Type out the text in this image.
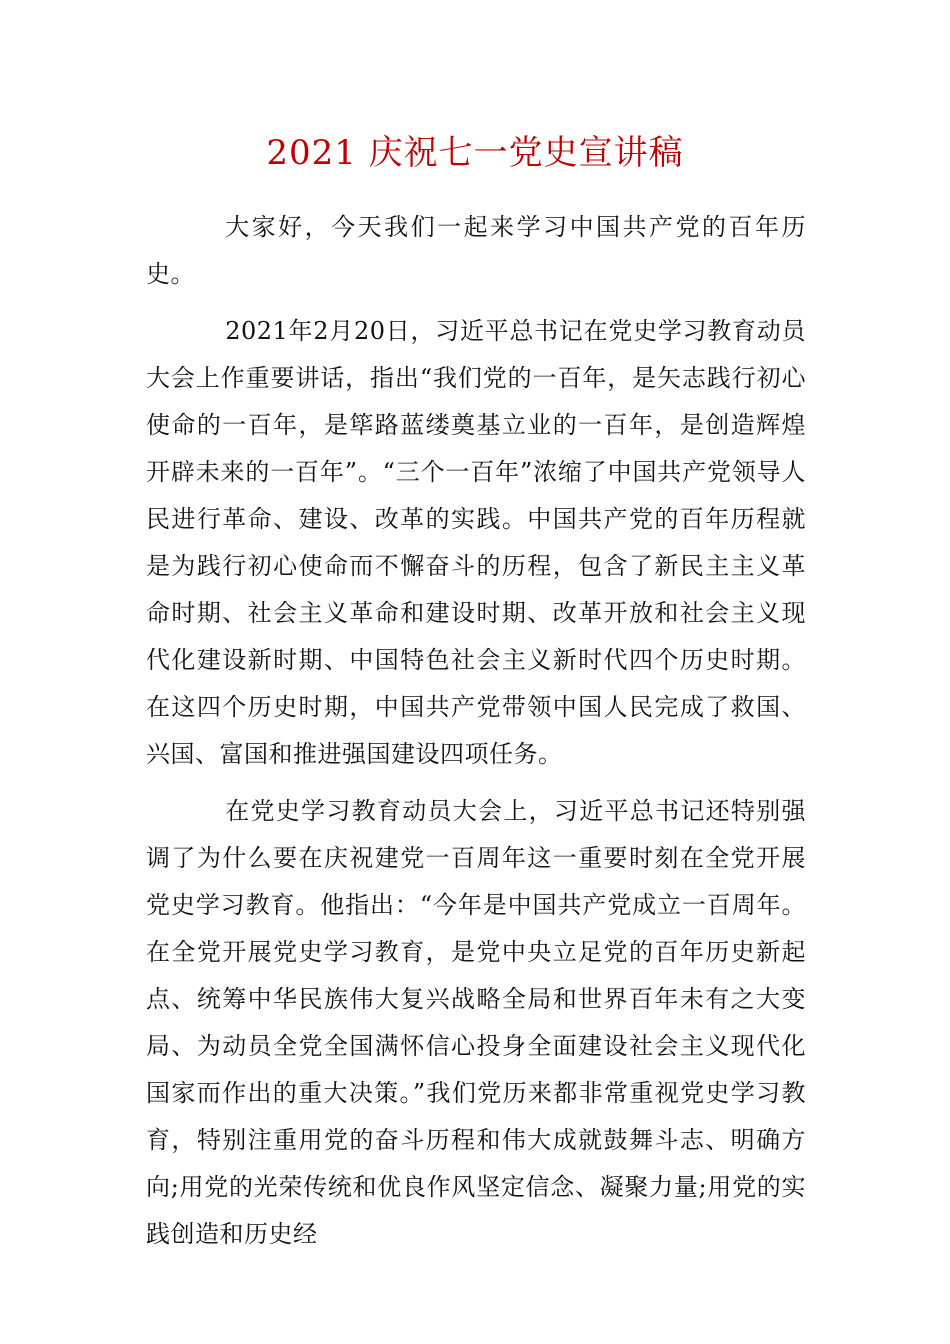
2021 庆祝七一党史宣讲稿

大家好，今天我们一起来学习中国共产党的百年历史。

2021年2月20日，习近平总书记在党史学习教育动员大会上作重要讲话，指出“我们党的一百年，是矢志践行初心使命的一百年，是筚路蓝缕奠基立业的一百年，是创造辉煌开辟未来的一百年”。“三个一百年”浓缩了中国共产党领导人民进行革命、建设、改革的实践。中国共产党的百年历程就是为践行初心使命而不懈奋斗的历程，包含了新民主主义革命时期、社会主义革命和建设时期、改革开放和社会主义现代化建设新时期、中国特色社会主义新时代四个历史时期。在这四个历史时期，中国共产党带领中国人民完成了救国、兴国、富国和推进强国建设四项任务。

在党史学习教育动员大会上，习近平总书记还特别强调了为什么要在庆祝建党一百周年这一重要时刻在全党开展党史学习教育。他指出：“今年是中国共产党成立一百周年。在全党开展党史学习教育，是党中央立足党的百年历史新起点、统筹中华民族伟大复兴战略全局和世界百年未有之大变局、为动员全党全国满怀信心投身全面建设社会主义现代化国家而作出的重大决策。”我们党历来都非常重视党史学习教育，特别注重用党的奋斗历程和伟大成就鼓舞斗志、明确方向;用党的光荣传统和优良作风坚定信念、凝聚力量;用党的实践创造和历史经
